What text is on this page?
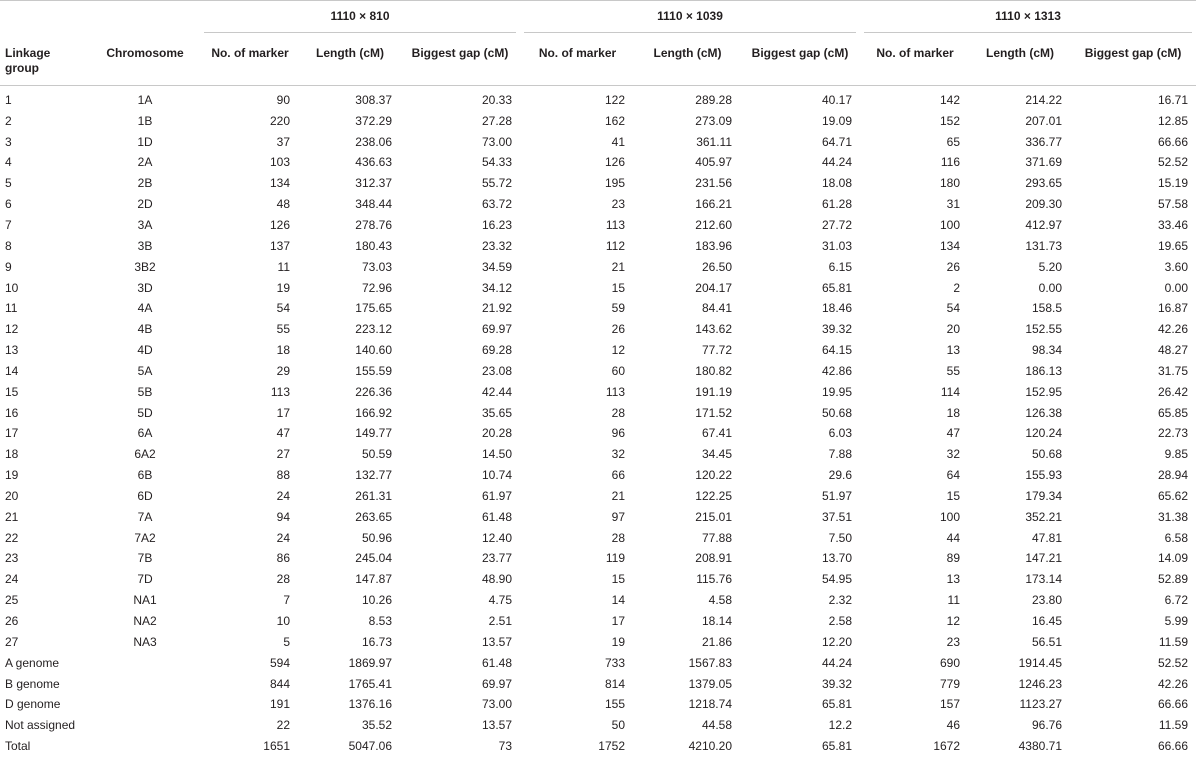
		1110 × 810			1110 × 1039			1110 × 1313		

Linkage group	Chromosome	No. of marker	Length (cM)	Biggest gap (cM)	No. of marker	Length (cM)	Biggest gap (cM)	No. of marker	Length (cM)	Biggest gap (cM)
1	1A	90	308.37	20.33	122	289.28	40.17	142	214.22	16.71
2	1B	220	372.29	27.28	162	273.09	19.09	152	207.01	12.85
3	1D	37	238.06	73.00	41	361.11	64.71	65	336.77	66.66
4	2A	103	436.63	54.33	126	405.97	44.24	116	371.69	52.52
5	2B	134	312.37	55.72	195	231.56	18.08	180	293.65	15.19
6	2D	48	348.44	63.72	23	166.21	61.28	31	209.30	57.58
7	3A	126	278.76	16.23	113	212.60	27.72	100	412.97	33.46
8	3B	137	180.43	23.32	112	183.96	31.03	134	131.73	19.65
9	3B2	11	73.03	34.59	21	26.50	6.15	26	5.20	3.60
10	3D	19	72.96	34.12	15	204.17	65.81	2	0.00	0.00
11	4A	54	175.65	21.92	59	84.41	18.46	54	158.5	16.87
12	4B	55	223.12	69.97	26	143.62	39.32	20	152.55	42.26
13	4D	18	140.60	69.28	12	77.72	64.15	13	98.34	48.27
14	5A	29	155.59	23.08	60	180.82	42.86	55	186.13	31.75
15	5B	113	226.36	42.44	113	191.19	19.95	114	152.95	26.42
16	5D	17	166.92	35.65	28	171.52	50.68	18	126.38	65.85
17	6A	47	149.77	20.28	96	67.41	6.03	47	120.24	22.73
18	6A2	27	50.59	14.50	32	34.45	7.88	32	50.68	9.85
19	6B	88	132.77	10.74	66	120.22	29.6	64	155.93	28.94
20	6D	24	261.31	61.97	21	122.25	51.97	15	179.34	65.62
21	7A	94	263.65	61.48	97	215.01	37.51	100	352.21	31.38
22	7A2	24	50.96	12.40	28	77.88	7.50	44	47.81	6.58
23	7B	86	245.04	23.77	119	208.91	13.70	89	147.21	14.09
24	7D	28	147.87	48.90	15	115.76	54.95	13	173.14	52.89
25	NA1	7	10.26	4.75	14	4.58	2.32	11	23.80	6.72
26	NA2	10	8.53	2.51	17	18.14	2.58	12	16.45	5.99
27	NA3	5	16.73	13.57	19	21.86	12.20	23	56.51	11.59
A genome		594	1869.97	61.48	733	1567.83	44.24	690	1914.45	52.52
B genome		844	1765.41	69.97	814	1379.05	39.32	779	1246.23	42.26
D genome		191	1376.16	73.00	155	1218.74	65.81	157	1123.27	66.66
Not assigned		22	35.52	13.57	50	44.58	12.2	46	96.76	11.59
Total		1651	5047.06	73	1752	4210.20	65.81	1672	4380.71	66.66
